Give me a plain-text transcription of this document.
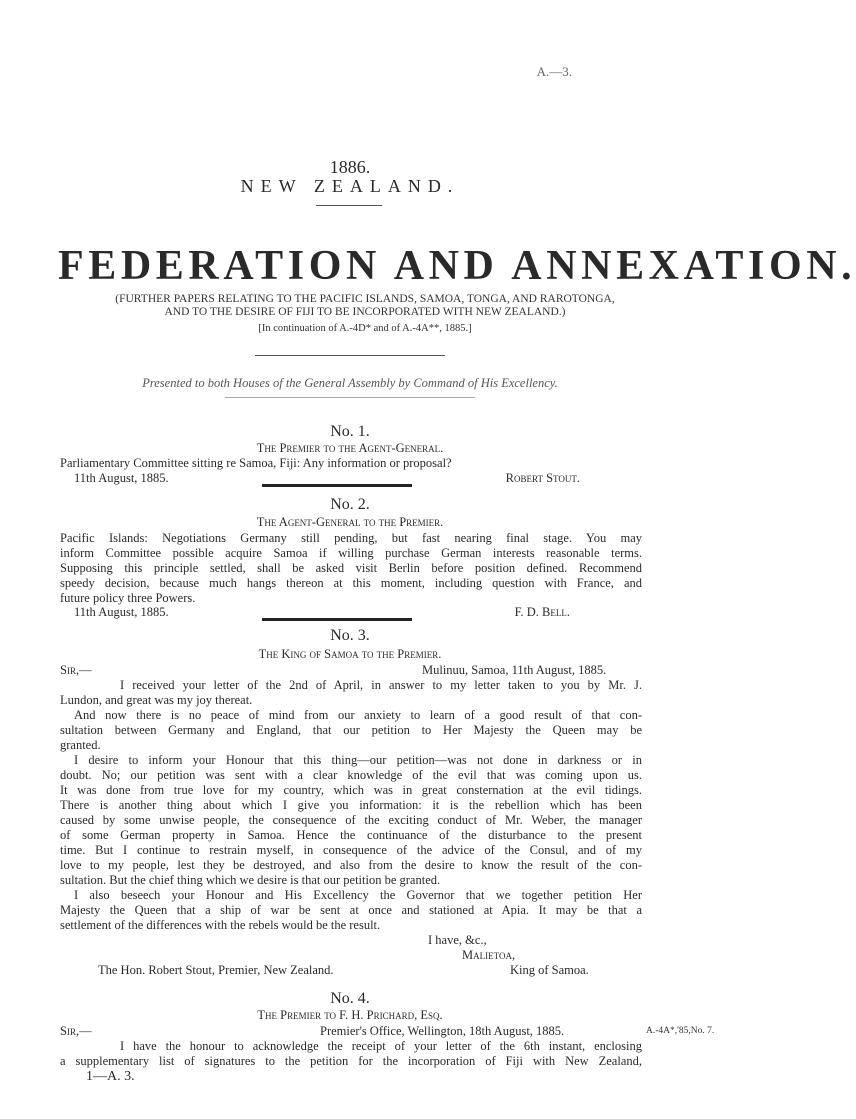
A.—3.
1886.
NEW ZEALAND.
FEDERATION AND ANNEXATION.
(FURTHER PAPERS RELATING TO THE PACIFIC ISLANDS, SAMOA, TONGA, AND RAROTONGA,
AND TO THE DESIRE OF FIJI TO BE INCORPORATED WITH NEW ZEALAND.)
[In continuation of A.-4D* and of A.-4A**, 1885.]
Presented to both Houses of the General Assembly by Command of His Excellency.
No. 1.
The Premier to the Agent-General.
Parliamentary Committee sitting re Samoa, Fiji: Any information or proposal?
11th August, 1885.	Robert Stout.
No. 2.
The Agent-General to the Premier.
Pacific Islands: Negotiations Germany still pending, but fast nearing final stage. You may
inform Committee possible acquire Samoa if willing purchase German interests reasonable terms.
Supposing this principle settled, shall be asked visit Berlin before position defined. Recommend
speedy decision, because much hangs thereon at this moment, including question with France, and
future policy three Powers.
11th August, 1885.	F. D. Bell.
No. 3.
The King of Samoa to the Premier.
Sir,—	Mulinuu, Samoa, 11th August, 1885.
I received your letter of the 2nd of April, in answer to my letter taken to you by Mr. J.
Lundon, and great was my joy thereat.
And now there is no peace of mind from our anxiety to learn of a good result of that con-
sultation between Germany and England, that our petition to Her Majesty the Queen may be
granted.
I desire to inform your Honour that this thing—our petition—was not done in darkness or in
doubt. No; our petition was sent with a clear knowledge of the evil that was coming upon us.
It was done from true love for my country, which was in great consternation at the evil tidings.
There is another thing about which I give you information: it is the rebellion which has been
caused by some unwise people, the consequence of the exciting conduct of Mr. Weber, the manager
of some German property in Samoa. Hence the continuance of the disturbance to the present
time. But I continue to restrain myself, in consequence of the advice of the Consul, and of my
love to my people, lest they be destroyed, and also from the desire to know the result of the con-
sultation. But the chief thing which we desire is that our petition be granted.
I also beseech your Honour and His Excellency the Governor that we together petition Her
Majesty the Queen that a ship of war be sent at once and stationed at Apia. It may be that a
settlement of the differences with the rebels would be the result.
I have, &c.,
Malietoa,
The Hon. Robert Stout, Premier, New Zealand.	King of Samoa.
No. 4.
The Premier to F. H. Prichard, Esq.
Sir,—	Premier's Office, Wellington, 18th August, 1885.	A.-4A*,'85,No. 7.
I have the honour to acknowledge the receipt of your letter of the 6th instant, enclosing
a supplementary list of signatures to the petition for the incorporation of Fiji with New Zealand,
1—A. 3.
